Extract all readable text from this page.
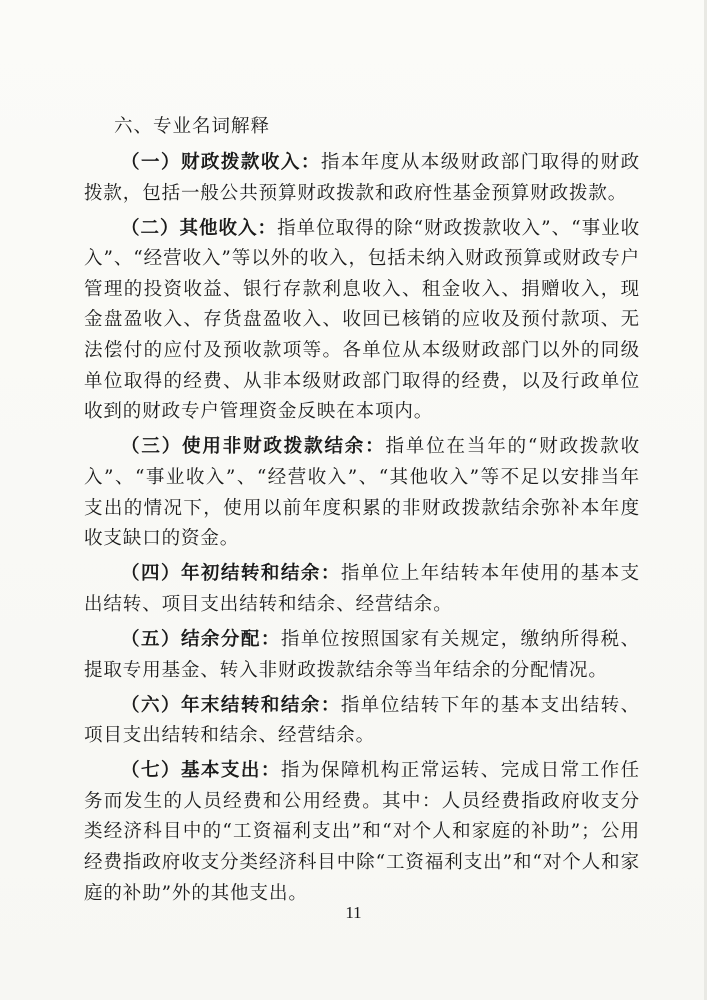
六、专业名词解释

（一）财政拨款收入：指本年度从本级财政部门取得的财政拨款，包括一般公共预算财政拨款和政府性基金预算财政拨款。

（二）其他收入：指单位取得的除“财政拨款收入”、“事业收入”、“经营收入”等以外的收入，包括未纳入财政预算或财政专户管理的投资收益、银行存款利息收入、租金收入、捐赠收入，现金盘盈收入、存货盘盈收入、收回已核销的应收及预付款项、无法偿付的应付及预收款项等。各单位从本级财政部门以外的同级单位取得的经费、从非本级财政部门取得的经费，以及行政单位收到的财政专户管理资金反映在本项内。

（三）使用非财政拨款结余：指单位在当年的“财政拨款收入”、“事业收入”、“经营收入”、“其他收入”等不足以安排当年支出的情况下，使用以前年度积累的非财政拨款结余弥补本年度收支缺口的资金。

（四）年初结转和结余：指单位上年结转本年使用的基本支出结转、项目支出结转和结余、经营结余。

（五）结余分配：指单位按照国家有关规定，缴纳所得税、提取专用基金、转入非财政拨款结余等当年结余的分配情况。

（六）年末结转和结余：指单位结转下年的基本支出结转、项目支出结转和结余、经营结余。

（七）基本支出：指为保障机构正常运转、完成日常工作任务而发生的人员经费和公用经费。其中：人员经费指政府收支分类经济科目中的“工资福利支出”和“对个人和家庭的补助”；公用经费指政府收支分类经济科目中除“工资福利支出”和“对个人和家庭的补助”外的其他支出。

11
